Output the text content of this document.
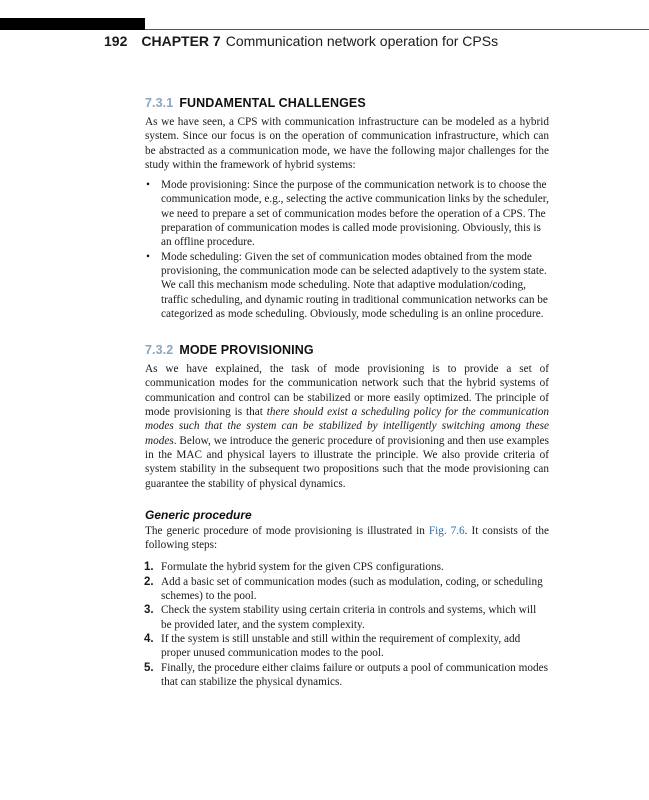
192 CHAPTER 7 Communication network operation for CPSs
7.3.1 FUNDAMENTAL CHALLENGES

As we have seen, a CPS with communication infrastructure can be modeled as a hybrid system. Since our focus is on the operation of communication infrastructure, which can be abstracted as a communication mode, we have the following major challenges for the study within the framework of hybrid systems:

• Mode provisioning: Since the purpose of the communication network is to choose the communication mode, e.g., selecting the active communication links by the scheduler, we need to prepare a set of communication modes before the operation of a CPS. The preparation of communication modes is called mode provisioning. Obviously, this is an offline procedure.
• Mode scheduling: Given the set of communication modes obtained from the mode provisioning, the communication mode can be selected adaptively to the system state. We call this mechanism mode scheduling. Note that adaptive modulation/coding, traffic scheduling, and dynamic routing in traditional communication networks can be categorized as mode scheduling. Obviously, mode scheduling is an online procedure.
7.3.2 MODE PROVISIONING

As we have explained, the task of mode provisioning is to provide a set of communication modes for the communication network such that the hybrid systems of communication and control can be stabilized or more easily optimized. The principle of mode provisioning is that there should exist a scheduling policy for the communication modes such that the system can be stabilized by intelligently switching among these modes. Below, we introduce the generic procedure of provisioning and then use examples in the MAC and physical layers to illustrate the principle. We also provide criteria of system stability in the subsequent two propositions such that the mode provisioning can guarantee the stability of physical dynamics.

Generic procedure

The generic procedure of mode provisioning is illustrated in Fig. 7.6. It consists of the following steps:

1. Formulate the hybrid system for the given CPS configurations.
2. Add a basic set of communication modes (such as modulation, coding, or scheduling schemes) to the pool.
3. Check the system stability using certain criteria in controls and systems, which will be provided later, and the system complexity.
4. If the system is still unstable and still within the requirement of complexity, add proper unused communication modes to the pool.
5. Finally, the procedure either claims failure or outputs a pool of communication modes that can stabilize the physical dynamics.
